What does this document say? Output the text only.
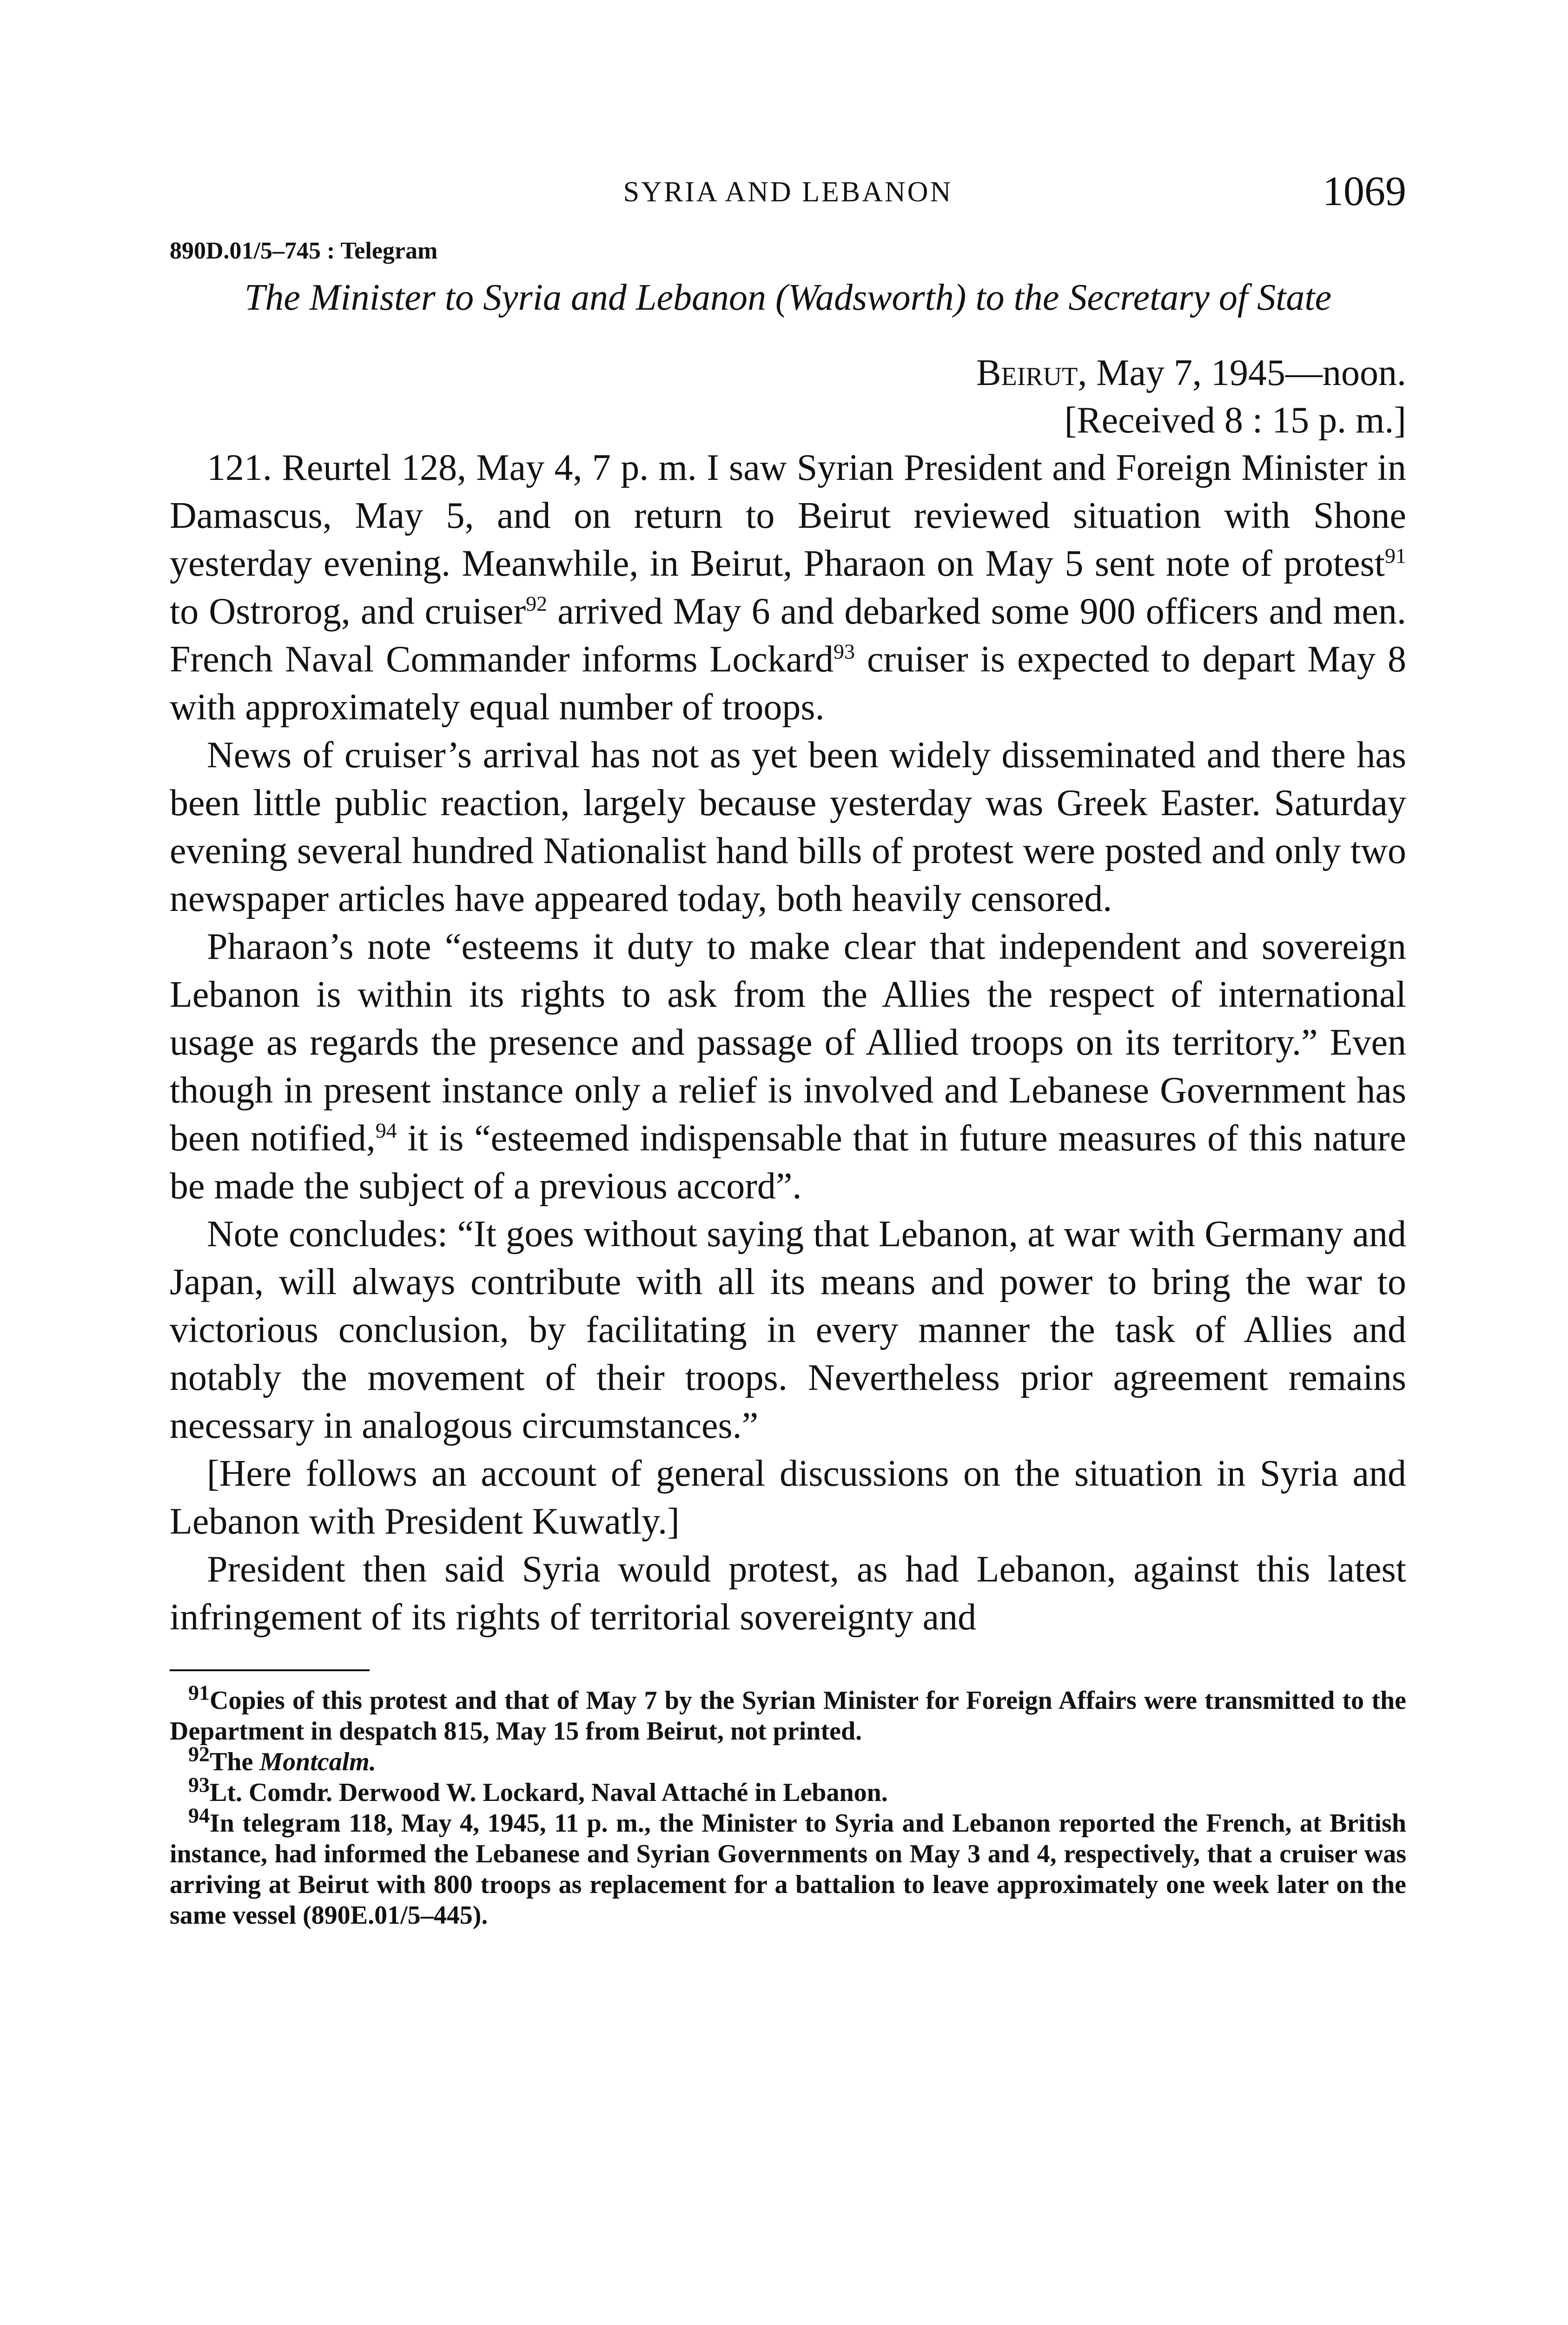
SYRIA AND LEBANON	1069
890D.01/5–745 : Telegram
The Minister to Syria and Lebanon (Wadsworth) to the Secretary of State
Beirut, May 7, 1945—noon.
[Received 8 : 15 p. m.]

121. Reurtel 128, May 4, 7 p. m. I saw Syrian President and Foreign Minister in Damascus, May 5, and on return to Beirut reviewed situation with Shone yesterday evening. Meanwhile, in Beirut, Pharaon on May 5 sent note of protest$^{91}$ to Ostrorog, and cruiser$^{92}$ arrived May 6 and debarked some 900 officers and men. French Naval Commander informs Lockard$^{93}$ cruiser is expected to depart May 8 with approximately equal number of troops.

News of cruiser’s arrival has not as yet been widely disseminated and there has been little public reaction, largely because yesterday was Greek Easter. Saturday evening several hundred Nationalist hand bills of protest were posted and only two newspaper articles have appeared today, both heavily censored.

Pharaon’s note “esteems it duty to make clear that independent and sovereign Lebanon is within its rights to ask from the Allies the respect of international usage as regards the presence and passage of Allied troops on its territory.” Even though in present instance only a relief is involved and Lebanese Government has been notified,$^{94}$ it is “esteemed indispensable that in future measures of this nature be made the subject of a previous accord”.

Note concludes: “It goes without saying that Lebanon, at war with Germany and Japan, will always contribute with all its means and power to bring the war to victorious conclusion, by facilitating in every manner the task of Allies and notably the movement of their troops. Nevertheless prior agreement remains necessary in analogous circumstances.”

[Here follows an account of general discussions on the situation in Syria and Lebanon with President Kuwatly.]

President then said Syria would protest, as had Lebanon, against this latest infringement of its rights of territorial sovereignty and

$^{91}$Copies of this protest and that of May 7 by the Syrian Minister for Foreign Affairs were transmitted to the Department in despatch 815, May 15 from Beirut, not printed.

$^{92}$The Montcalm.

$^{93}$Lt. Comdr. Derwood W. Lockard, Naval Attaché in Lebanon.

$^{94}$In telegram 118, May 4, 1945, 11 p. m., the Minister to Syria and Lebanon reported the French, at British instance, had informed the Lebanese and Syrian Governments on May 3 and 4, respectively, that a cruiser was arriving at Beirut with 800 troops as replacement for a battalion to leave approximately one week later on the same vessel (890E.01/5–445).
